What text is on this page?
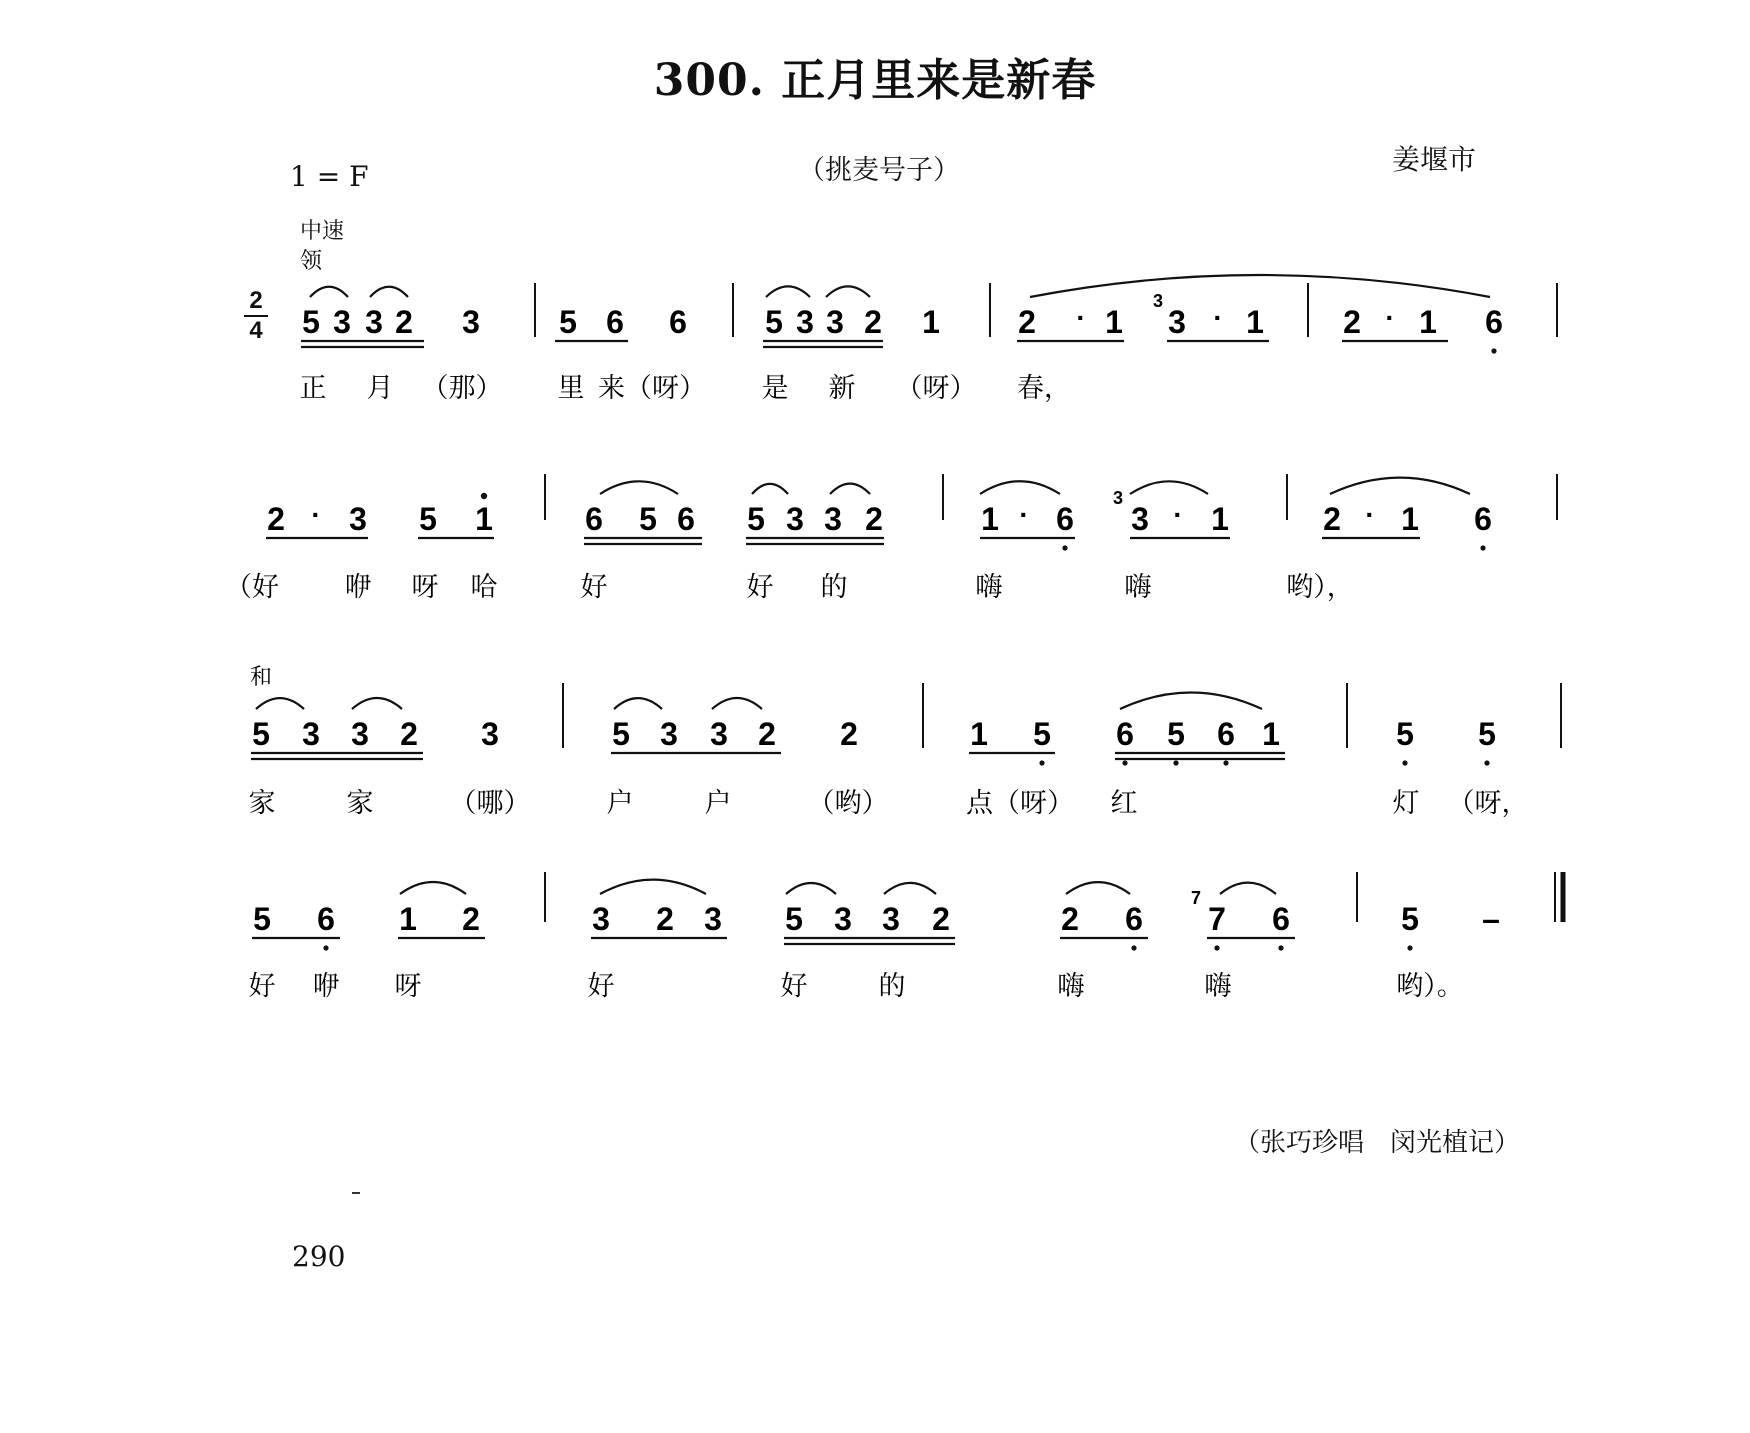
300. 正月里来是新春
1 = F	（挑麦号子）	姜堰市
中速
2
4
领
5 3 3 2 3 5 6 6 5 3 3 2 1 2 · 1 3 · 1 2 · 1 6
3
正 月 （那） 里 来（呀） 是 新 （呀） 春，
2 · 3 5 1	6 5 6 5 3 3 2	1 · 6 3 · 1	2 · 1 6
3
（好 咿 呀 哈	好	好 的	嗨	嗨	哟），
和
5 3 3 2 3	5 3 3 2 2	1 5 6 5 6 1	5 5
家	家	（哪）	户	户	（哟）	点（呀） 红	灯 （呀，
5 6 1 2	3 2 3 5 3 3 2	2 6 7 6	5 –
7
好 咿 呀	好	好	的	嗨	嗨	哟）。
（张巧珍唱　闵光植记）
290
